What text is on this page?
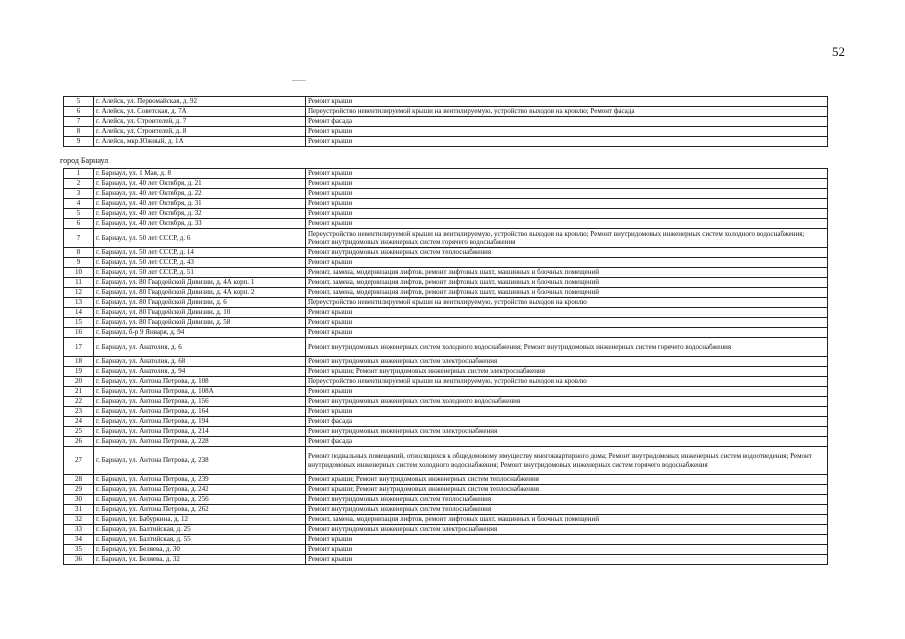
52
5	г. Алейск, ул. Первомайская, д. 92	Ремонт крыши
6	г. Алейск, ул. Советская, д. 7А	Переустройство невентилируемой крыши на вентилируемую, устройство выходов на кровлю; Ремонт фасада
7	г. Алейск, ул. Строителей, д. 7	Ремонт фасада
8	г. Алейск, ул. Строителей, д. 8	Ремонт крыши
9	г. Алейск, мкр.Южный, д. 1А	Ремонт крыши
город Барнаул
1	г. Барнаул, ул. 1 Мая, д. 8	Ремонт крыши
2	г. Барнаул, ул. 40 лет Октября, д. 21	Ремонт крыши
3	г. Барнаул, ул. 40 лет Октября, д. 22	Ремонт крыши
4	г. Барнаул, ул. 40 лет Октября, д. 31	Ремонт крыши
5	г. Барнаул, ул. 40 лет Октября, д. 32	Ремонт крыши
6	г. Барнаул, ул. 40 лет Октября, д. 33	Ремонт крыши
7	г. Барнаул, ул. 50 лет СССР, д. 6	Переустройство невентилируемой крыши на вентилируемую, устройство выходов на кровлю; Ремонт внутридомовых инженерных систем холодного водоснабжения; Ремонт внутридомовых инженерных систем горячего водоснабжения
8	г. Барнаул, ул. 50 лет СССР, д. 14	Ремонт внутридомовых инженерных систем теплоснабжения
9	г. Барнаул, ул. 50 лет СССР, д. 43	Ремонт крыши
10	г. Барнаул, ул. 50 лет СССР, д. 51	Ремонт, замена, модернизация лифтов, ремонт лифтовых шахт, машинных и блочных помещений
11	г. Барнаул, ул. 80 Гвардейской Дивизии, д. 4А корп. 1	Ремонт, замена, модернизация лифтов, ремонт лифтовых шахт, машинных и блочных помещений
12	г. Барнаул, ул. 80 Гвардейской Дивизии, д. 4А корп. 2	Ремонт, замена, модернизация лифтов, ремонт лифтовых шахт, машинных и блочных помещений
13	г. Барнаул, ул. 80 Гвардейской Дивизии, д. 6	Переустройство невентилируемой крыши на вентилируемую, устройство выходов на кровлю
14	г. Барнаул, ул. 80 Гвардейской Дивизии, д. 10	Ремонт крыши
15	г. Барнаул, ул. 80 Гвардейской Дивизии, д. 58	Ремонт крыши
16	г. Барнаул, б-р 9 Января, д. 94	Ремонт крыши
17	г. Барнаул, ул. Анатолия, д. 6	Ремонт внутридомовых инженерных систем холодного водоснабжения; Ремонт внутридомовых инженерных систем горячего водоснабжения
18	г. Барнаул, ул. Анатолия, д. 68	Ремонт внутридомовых инженерных систем электроснабжения
19	г. Барнаул, ул. Анатолия, д. 94	Ремонт крыши; Ремонт внутридомовых инженерных систем электроснабжения
20	г. Барнаул, ул. Антона Петрова, д. 108	Переустройство невентилируемой крыши на вентилируемую, устройство выходов на кровлю
21	г. Барнаул, ул. Антона Петрова, д. 108А	Ремонт крыши
22	г. Барнаул, ул. Антона Петрова, д. 156	Ремонт внутридомовых инженерных систем холодного водоснабжения
23	г. Барнаул, ул. Антона Петрова, д. 164	Ремонт крыши
24	г. Барнаул, ул. Антона Петрова, д. 194	Ремонт фасада
25	г. Барнаул, ул. Антона Петрова, д. 214	Ремонт внутридомовых инженерных систем электроснабжения
26	г. Барнаул, ул. Антона Петрова, д. 228	Ремонт фасада
27	г. Барнаул, ул. Антона Петрова, д. 238	Ремонт подвальных помещений, относящихся к общедомовому имуществу многоквартирного дома; Ремонт внутридомовых инженерных систем водоотведения; Ремонт внутридомовых инженерных систем холодного водоснабжения; Ремонт внутридомовых инженерных систем горячего водоснабжения
28	г. Барнаул, ул. Антона Петрова, д. 239	Ремонт крыши; Ремонт внутридомовых инженерных систем теплоснабжения
29	г. Барнаул, ул. Антона Петрова, д. 242	Ремонт крыши; Ремонт внутридомовых инженерных систем теплоснабжения
30	г. Барнаул, ул. Антона Петрова, д. 256	Ремонт внутридомовых инженерных систем теплоснабжения
31	г. Барнаул, ул. Антона Петрова, д. 262	Ремонт внутридомовых инженерных систем теплоснабжения
32	г. Барнаул, ул. Бабуркина, д. 12	Ремонт, замена, модернизация лифтов, ремонт лифтовых шахт, машинных и блочных помещений
33	г. Барнаул, ул. Балтийская, д. 25	Ремонт внутридомовых инженерных систем электроснабжения
34	г. Барнаул, ул. Балтийская, д. 55	Ремонт крыши
35	г. Барнаул, ул. Беляева, д. 30	Ремонт крыши
36	г. Барнаул, ул. Беляева, д. 32	Ремонт крыши
